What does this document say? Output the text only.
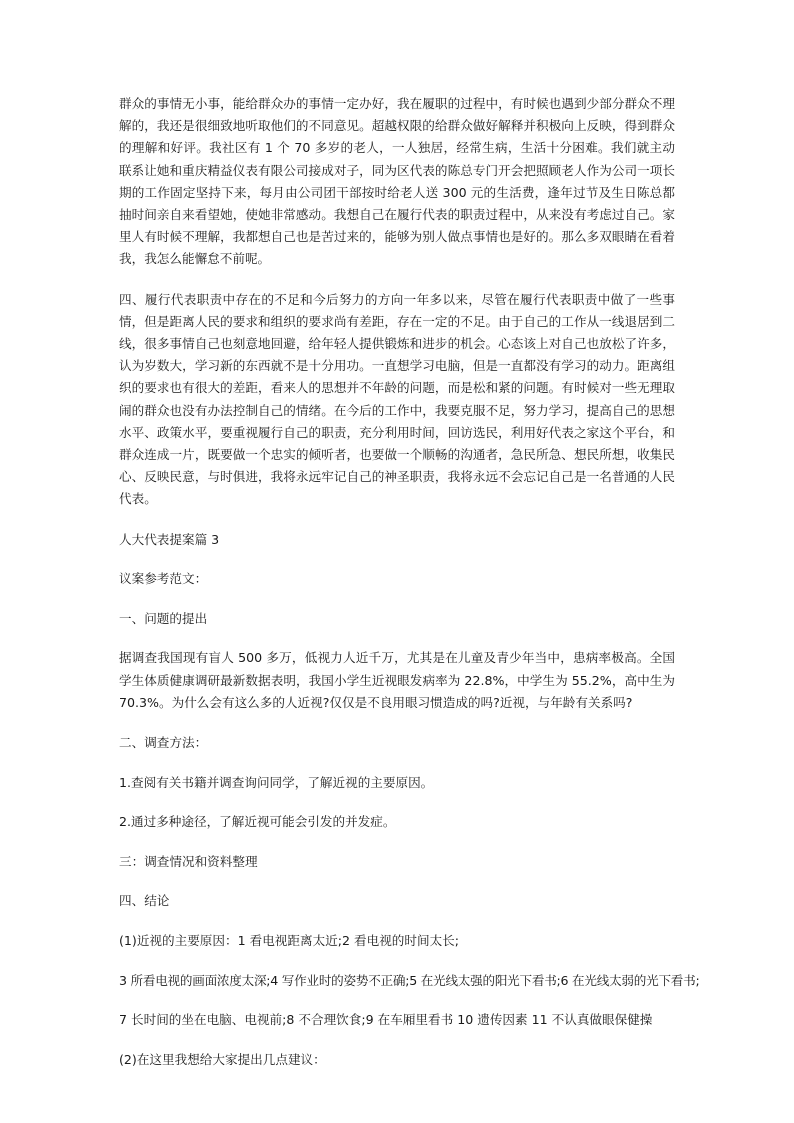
群众的事情无小事，能给群众办的事情一定办好，我在履职的过程中，有时候也遇到少部分群众不理解的，我还是很细致地听取他们的不同意见。超越权限的给群众做好解释并积极向上反映，得到群众的理解和好评。我社区有 1 个 70 多岁的老人，一人独居，经常生病，生活十分困难。我们就主动联系让她和重庆精益仪表有限公司接成对子，同为区代表的陈总专门开会把照顾老人作为公司一项长期的工作固定坚持下来，每月由公司团干部按时给老人送 300 元的生活费，逢年过节及生日陈总都抽时间亲自来看望她，使她非常感动。我想自己在履行代表的职责过程中，从来没有考虑过自己。家里人有时候不理解，我都想自己也是苦过来的，能够为别人做点事情也是好的。那么多双眼睛在看着我，我怎么能懈怠不前呢。

四、履行代表职责中存在的不足和今后努力的方向一年多以来，尽管在履行代表职责中做了一些事情，但是距离人民的要求和组织的要求尚有差距，存在一定的不足。由于自己的工作从一线退居到二线，很多事情自己也刻意地回避，给年轻人提供锻炼和进步的机会。心态该上对自己也放松了许多，认为岁数大，学习新的东西就不是十分用功。一直想学习电脑，但是一直都没有学习的动力。距离组织的要求也有很大的差距，看来人的思想并不年龄的问题，而是松和紧的问题。有时候对一些无理取闹的群众也没有办法控制自己的情绪。在今后的工作中，我要克服不足，努力学习，提高自己的思想水平、政策水平，要重视履行自己的职责，充分利用时间，回访选民，利用好代表之家这个平台，和群众连成一片，既要做一个忠实的倾听者，也要做一个顺畅的沟通者，急民所急、想民所想，收集民心、反映民意，与时俱进，我将永远牢记自己的神圣职责，我将永远不会忘记自己是一名普通的人民代表。

人大代表提案篇 3

议案参考范文：

一、问题的提出

据调查我国现有盲人 500 多万，低视力人近千万，尤其是在儿童及青少年当中，患病率极高。全国学生体质健康调研最新数据表明，我国小学生近视眼发病率为 22.8%，中学生为 55.2%，高中生为 70.3%。为什么会有这么多的人近视?仅仅是不良用眼习惯造成的吗?近视，与年龄有关系吗?

二、调查方法：

1.查阅有关书籍并调查询问同学，了解近视的主要原因。

2.通过多种途径，了解近视可能会引发的并发症。

三：调查情况和资料整理

四、结论

(1)近视的主要原因：1 看电视距离太近;2 看电视的时间太长;

3 所看电视的画面浓度太深;4 写作业时的姿势不正确;5 在光线太强的阳光下看书;6 在光线太弱的光下看书;

7 长时间的坐在电脑、电视前;8 不合理饮食;9 在车厢里看书 10 遗传因素 11 不认真做眼保健操

(2)在这里我想给大家提出几点建议：
